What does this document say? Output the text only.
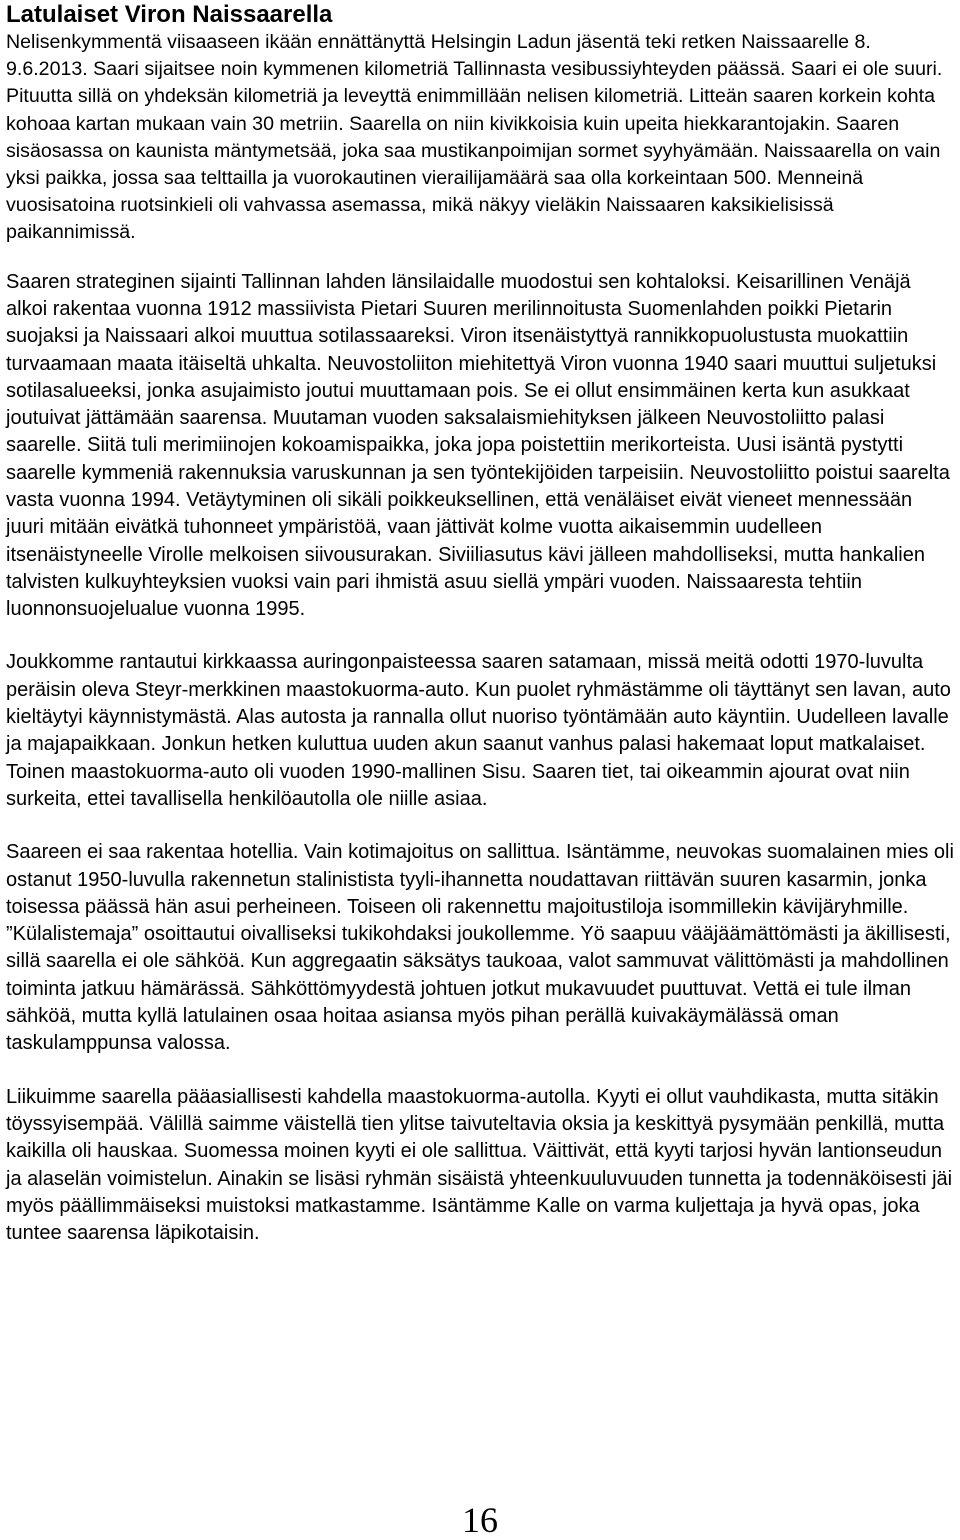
Latulaiset Viron Naissaarella

Nelisenkymmentä viisaaseen ikään ennättänyttä Helsingin Ladun jäsentä teki retken Naissaarelle 8. 9.6.2013. Saari sijaitsee noin kymmenen kilometriä Tallinnasta vesibussiyhteyden päässä. Saari ei ole suuri. Pituutta sillä on yhdeksän kilometriä ja leveyttä enimmillään nelisen kilometriä. Litteän saaren korkein kohta kohoaa kartan mukaan vain 30 metriin. Saarella on niin kivikkoisia kuin upeita hiekkarantojakin. Saaren sisäosassa on kaunista mäntymetsää, joka saa mustikanpoimijan sormet syyhyämään. Naissaarella on vain yksi paikka, jossa saa telttailla ja vuorokautinen vierailijamäärä saa olla korkeintaan 500. Menneinä vuosisatoina ruotsinkieli oli vahvassa asemassa, mikä näkyy vieläkin Naissaaren kaksikielisissä paikannimissä.

Saaren strateginen sijainti Tallinnan lahden länsilaidalle muodostui sen kohtaloksi. Keisarillinen Venäjä alkoi rakentaa vuonna 1912 massiivista Pietari Suuren merilinnoitusta Suomenlahden poikki Pietarin suojaksi ja Naissaari alkoi muuttua sotilassaareksi. Viron itsenäistyttyä rannikkopuolustusta muokattiin turvaamaan maata itäiseltä uhkalta. Neuvostoliiton miehitettyä Viron vuonna 1940 saari muuttui suljetuksi sotilasalueeksi, jonka asujaimisto joutui muuttamaan pois. Se ei ollut ensimmäinen kerta kun asukkaat joutuivat jättämään saarensa. Muutaman vuoden saksalaismiehityksen jälkeen Neuvostoliitto palasi saarelle. Siitä tuli merimiinojen kokoamispaikka, joka jopa poistettiin merikorteista. Uusi isäntä pystytti saarelle kymmeniä rakennuksia varuskunnan ja sen työntekijöiden tarpeisiin. Neuvostoliitto poistui saarelta vasta vuonna 1994. Vetäytyminen oli sikäli poikkeuksellinen, että venäläiset eivät vieneet mennessään juuri mitään eivätkä tuhonneet ympäristöä, vaan jättivät kolme vuotta aikaisemmin uudelleen itsenäistyneelle Virolle melkoisen siivousurakan. Siviiliasutus kävi jälleen mahdolliseksi, mutta hankalien talvisten kulkuyhteyksien vuoksi vain pari ihmistä asuu siellä ympäri vuoden. Naissaaresta tehtiin luonnonsuojelualue vuonna 1995.

Joukkomme rantautui kirkkaassa auringonpaisteessa saaren satamaan, missä meitä odotti 1970-luvulta peräisin oleva Steyr-merkkinen maastokuorma-auto. Kun puolet ryhmästämme oli täyttänyt sen lavan, auto kieltäytyi käynnistymästä. Alas autosta ja rannalla ollut nuoriso työntämään auto käyntiin. Uudelleen lavalle ja majapaikkaan. Jonkun hetken kuluttua uuden akun saanut vanhus palasi hakemaat loput matkalaiset. Toinen maastokuorma-auto oli vuoden 1990-mallinen Sisu. Saaren tiet, tai oikeammin ajourat ovat niin surkeita, ettei tavallisella henkilöautolla ole niille asiaa.

Saareen ei saa rakentaa hotellia. Vain kotimajoitus on sallittua. Isäntämme, neuvokas suomalainen mies oli ostanut 1950-luvulla rakennetun stalinistista tyyli-ihannetta noudattavan riittävän suuren kasarmin, jonka toisessa päässä hän asui perheineen. Toiseen oli rakennettu majoitustiloja isommillekin kävijäryhmille. ”Külalistemaja” osoittautui oivalliseksi tukikohdaksi joukollemme. Yö saapuu vääjäämättömästi ja äkillisesti, sillä saarella ei ole sähköä. Kun aggregaatin säksätys taukoaa, valot sammuvat välittömästi ja mahdollinen toiminta jatkuu hämärässä. Sähköttömyydestä johtuen jotkut mukavuudet puuttuvat. Vettä ei tule ilman sähköä, mutta kyllä latulainen osaa hoitaa asiansa myös pihan perällä kuivakäymälässä oman taskulamppunsa valossa.

Liikuimme saarella pääasiallisesti kahdella maastokuorma-autolla. Kyyti ei ollut vauhdikasta, mutta sitäkin töyssyisempää. Välillä saimme väistellä tien ylitse taivuteltavia oksia ja keskittyä pysymään penkillä, mutta kaikilla oli hauskaa. Suomessa moinen kyyti ei ole sallittua. Väittivät, että kyyti tarjosi hyvän lantionseudun ja alaselän voimistelun. Ainakin se lisäsi ryhmän sisäistä yhteenkuuluvuuden tunnetta ja todennäköisesti jäi myös päällimmäiseksi muistoksi matkastamme. Isäntämme Kalle on varma kuljettaja ja hyvä opas, joka tuntee saarensa läpikotaisin.

16
